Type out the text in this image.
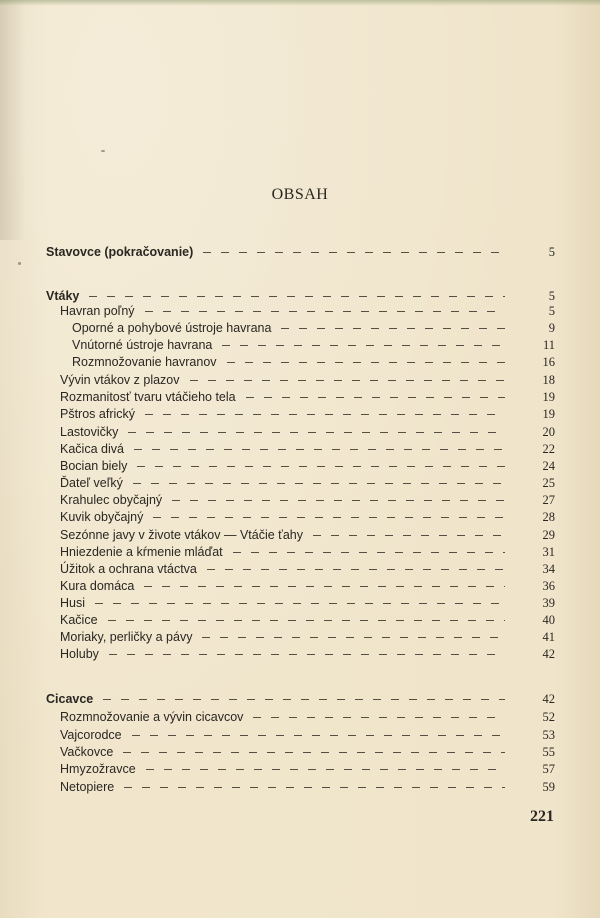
OBSAH
Stavovce (pokračovanie)	5
Vtáky	5
Havran poľný	5
Oporné a pohybové ústroje havrana	9
Vnútorné ústroje havrana	11
Rozmnožovanie havranov	16
Vývin vtákov z plazov	18
Rozmanitosť tvaru vtáčieho tela	19
Pštros africký	19
Lastovičky	20
Kačica divá	22
Bocian biely	24
Ďateľ veľký	25
Krahulec obyčajný	27
Kuvik obyčajný	28
Sezónne javy v živote vtákov — Vtáčie ťahy	29
Hniezdenie a kŕmenie mláďat	31
Úžitok a ochrana vtáctva	34
Kura domáca	36
Husi	39
Kačice	40
Moriaky, perličky a pávy	41
Holuby	42
Cicavce	42
Rozmnožovanie a vývin cicavcov	52
Vajcorodce	53
Vačkovce	55
Hmyzožravce	57
Netopiere	59
221
